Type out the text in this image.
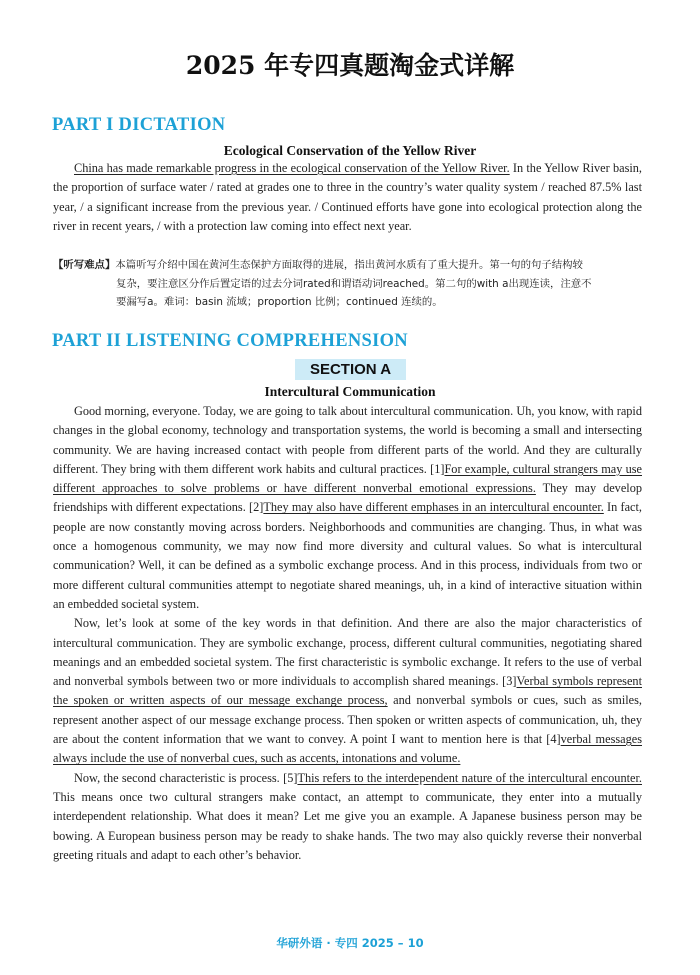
2025 年专四真题淘金式详解
PART I DICTATION
Ecological Conservation of the Yellow River

China has made remarkable progress in the ecological conservation of the Yellow River. In the Yellow River basin, the proportion of surface water / rated at grades one to three in the country’s water quality system / reached 87.5% last year, / a significant increase from the previous year. / Continued efforts have gone into ecological protection along the river in recent years, / with a protection law coming into effect next year.

【听写难点】本篇听写介绍中国在黄河生态保护方面取得的进展，指出黄河水质有了重大提升。第一句的句子结构较
复杂，要注意区分作后置定语的过去分词rated和谓语动词reached。第二句的with a出现连读，注意不
要漏写a。难词：basin 流域；proportion 比例；continued 连续的。
PART II LISTENING COMPREHENSION
SECTION A
Intercultural Communication

Good morning, everyone. Today, we are going to talk about intercultural communication. Uh, you know, with rapid changes in the global economy, technology and transportation systems, the world is becoming a small and intersecting community. We are having increased contact with people from different parts of the world. And they are culturally different. They bring with them different work habits and cultural practices. [1]For example, cultural strangers may use different approaches to solve problems or have different nonverbal emotional expressions. They may develop friendships with different expectations. [2]They may also have different emphases in an intercultural encounter. In fact, people are now constantly moving across borders. Neighborhoods and communities are changing. Thus, in what was once a homogenous community, we may now find more diversity and cultural values. So what is intercultural communication? Well, it can be defined as a symbolic exchange process. And in this process, individuals from two or more different cultural communities attempt to negotiate shared meanings, uh, in a kind of interactive situation within an embedded societal system.

Now, let’s look at some of the key words in that definition. And there are also the major characteristics of intercultural communication. They are symbolic exchange, process, different cultural communities, negotiating shared meanings and an embedded societal system. The first characteristic is symbolic exchange. It refers to the use of verbal and nonverbal symbols between two or more individuals to accomplish shared meanings. [3]Verbal symbols represent the spoken or written aspects of our message exchange process, and nonverbal symbols or cues, such as smiles, represent another aspect of our message exchange process. Then spoken or written aspects of communication, uh, they are about the content information that we want to convey. A point I want to mention here is that [4]verbal messages always include the use of nonverbal cues, such as accents, intonations and volume.

Now, the second characteristic is process. [5]This refers to the interdependent nature of the intercultural encounter. This means once two cultural strangers make contact, an attempt to communicate, they enter into a mutually interdependent relationship. What does it mean? Let me give you an example. A Japanese business person may be bowing. A European business person may be ready to shake hands. The two may also quickly reverse their nonverbal greeting rituals and adapt to each other’s behavior.

华研外语 · 专四 2025 – 10
